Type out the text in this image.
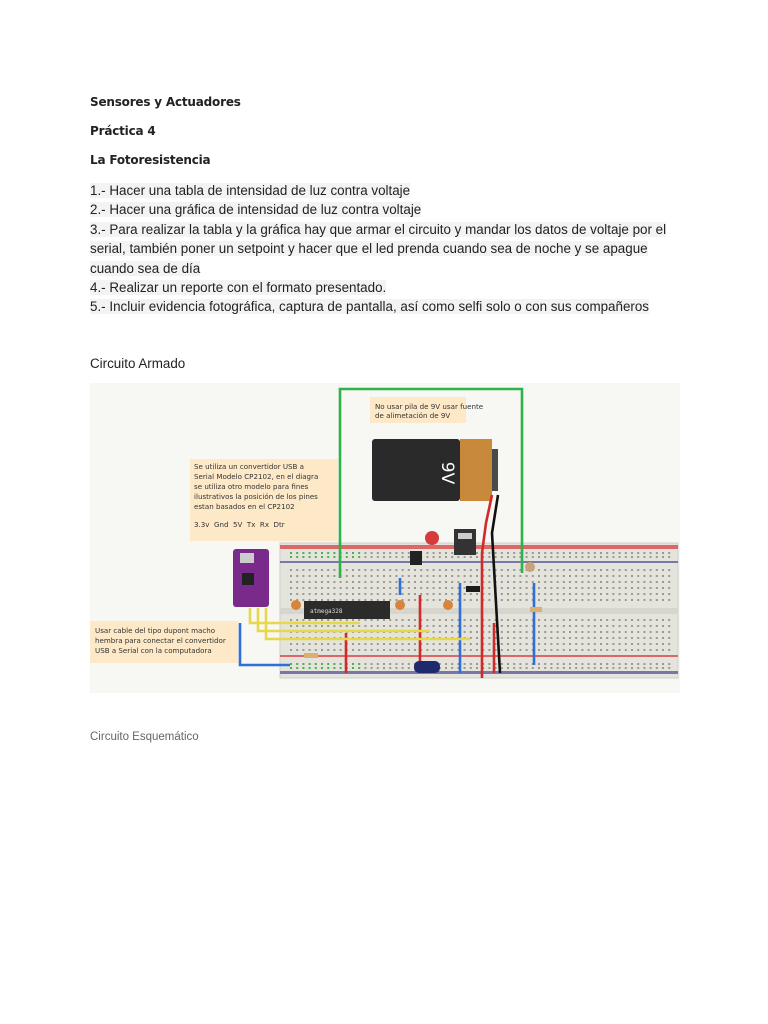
Sensores y Actuadores
Práctica 4
La Fotoresistencia
1.- Hacer una tabla de intensidad de luz contra voltaje
2.- Hacer una gráfica de intensidad de luz contra voltaje
3.- Para realizar la tabla y la gráfica hay que armar el circuito y mandar los datos de voltaje por el serial, también poner un setpoint y hacer que el led prenda cuando sea de noche y se apague cuando sea de día
4.- Realizar un reporte con el formato presentado.
5.- Incluir evidencia fotográfica, captura de pantalla, así como selfi solo o con sus compañeros
Circuito Armado
9V
atmega328
No usar pila de 9V usar fuente
de alimetación de 9V
Se utiliza un convertidor USB a
Serial Modelo CP2102, en el diagra
se utiliza otro modelo para fines
ilustrativos la posición de los pines
estan basados en el CP2102
3.3v  Gnd  5V  Tx  Rx  Dtr
Usar cable del tipo dupont macho
hembra para conectar el convertidor
USB a Serial con la computadora
Circuito Esquemático
